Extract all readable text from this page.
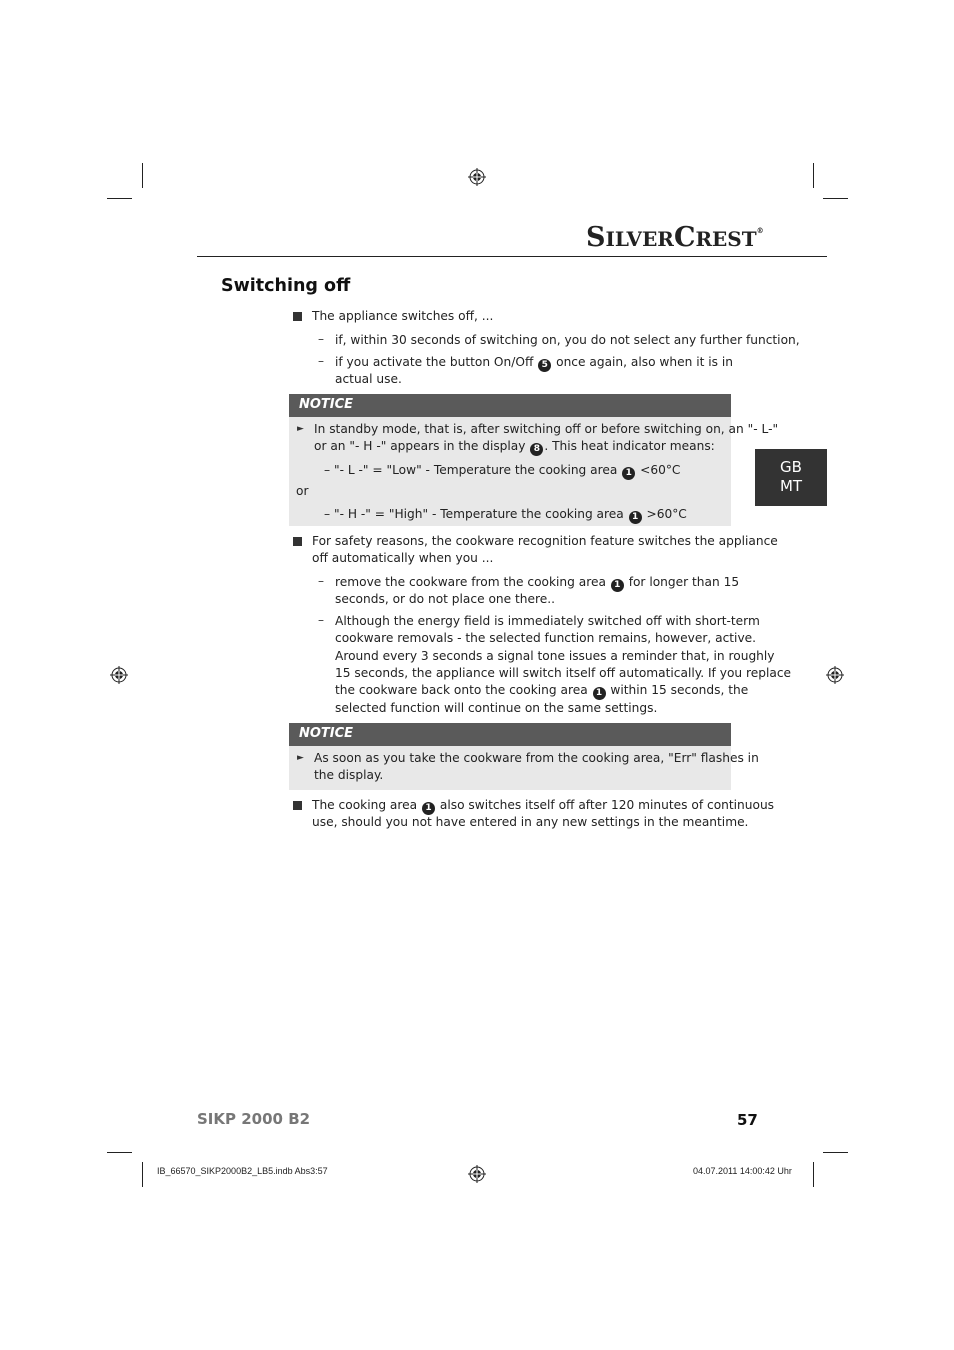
SILVERCREST®
Switching off
The appliance switches off, ...
– if, within 30 seconds of switching on, you do not select any further function,
– if you activate the button On/Off 5 once again, also when it is in
actual use.
NOTICE
► In standby mode, that is, after switching off or before switching on, an "- L-"
or an "- H -" appears in the display 8 . This heat indicator means:
– "- L -" = "Low" - Temperature the cooking area 1 <60°C
or
– "- H -" = "High" - Temperature the cooking area 1 >60°C
For safety reasons, the cookware recognition feature switches the appliance
off automatically when you ...
– remove the cookware from the cooking area 1 for longer than 15
seconds, or do not place one there..
– Although the energy field is immediately switched off with short-term
cookware removals - the selected function remains, however, active.
Around every 3 seconds a signal tone issues a reminder that, in roughly
15 seconds, the appliance will switch itself off automatically. If you replace
the cookware back onto the cooking area 1 within 15 seconds, the
selected function will continue on the same settings.
NOTICE
► As soon as you take the cookware from the cooking area, "Err" flashes in
the display.
The cooking area 1 also switches itself off after 120 minutes of continuous
use, should you not have entered in any new settings in the meantime.
GB
MT
SIKP 2000 B2	57
IB_66570_SIKP2000B2_LB5.indb Abs3:57	04.07.2011 14:00:42 Uhr
